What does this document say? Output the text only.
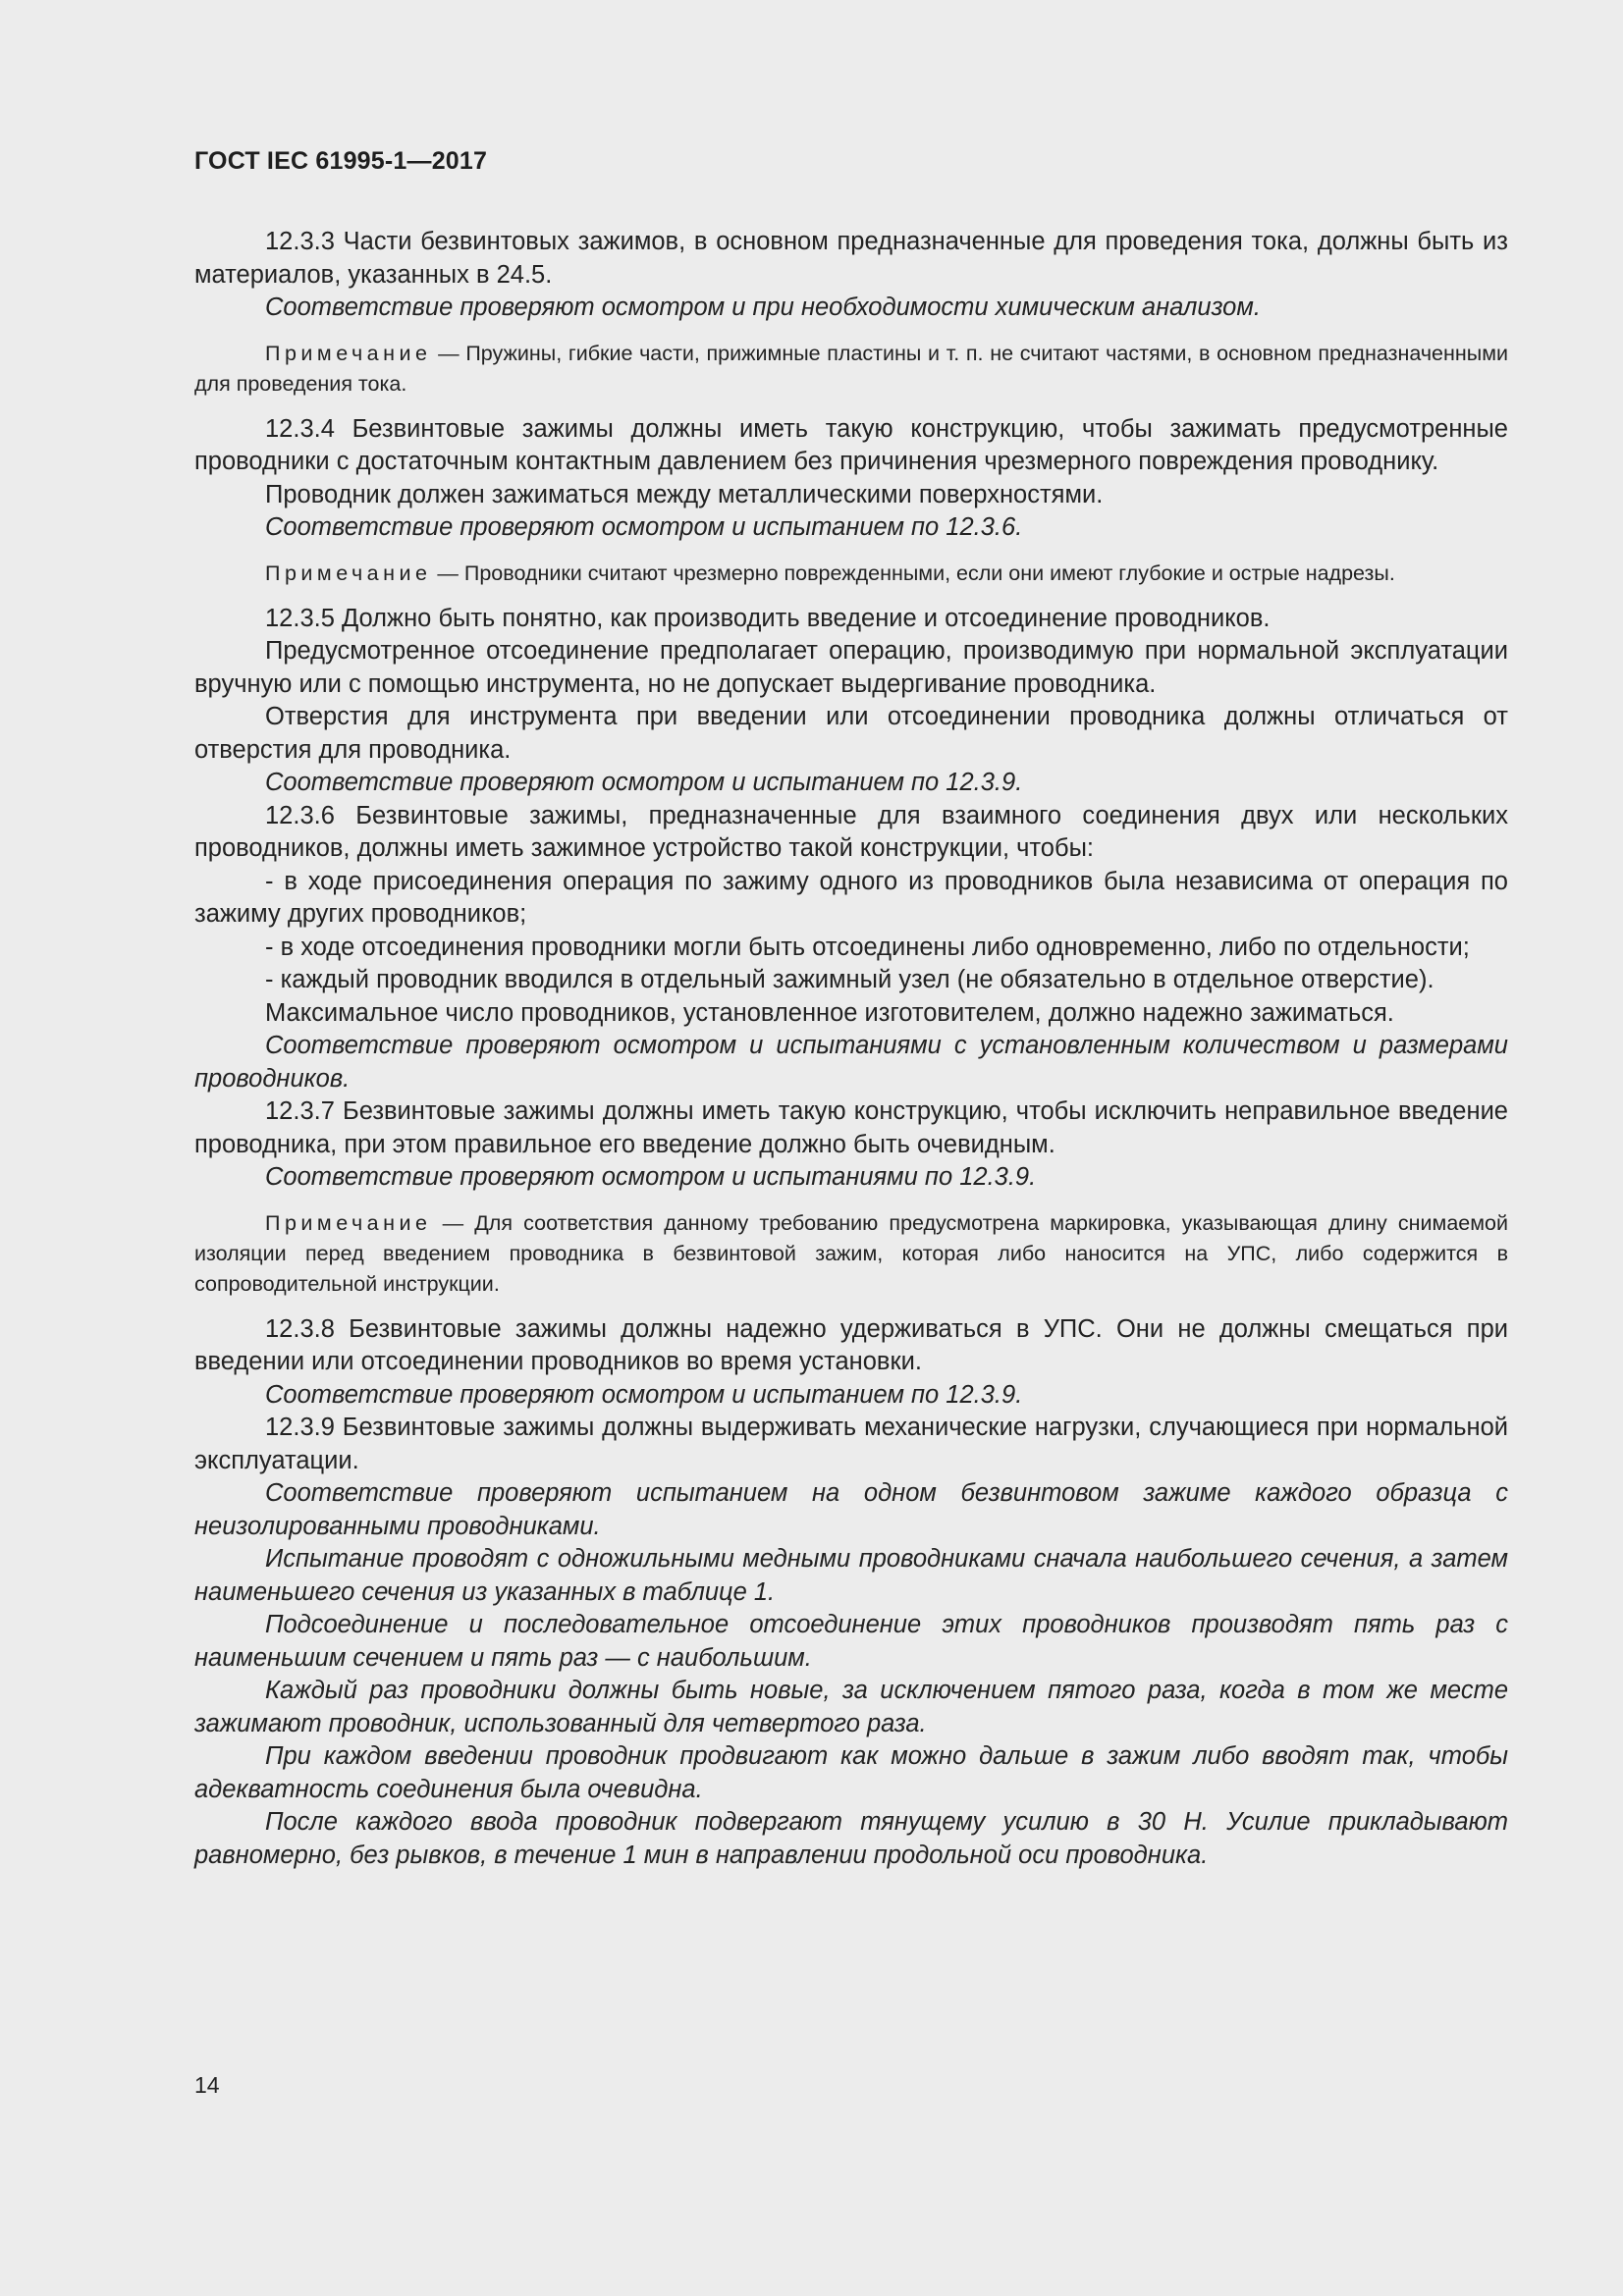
ГОСТ IEC 61995-1—2017

12.3.3 Части безвинтовых зажимов, в основном предназначенные для проведения тока, должны быть из материалов, указанных в 24.5.

Соответствие проверяют осмотром и при необходимости химическим анализом.

Примечание — Пружины, гибкие части, прижимные пластины и т. п. не считают частями, в основном предназначенными для проведения тока.

12.3.4 Безвинтовые зажимы должны иметь такую конструкцию, чтобы зажимать предусмотренные проводники с достаточным контактным давлением без причинения чрезмерного повреждения проводнику.

Проводник должен зажиматься между металлическими поверхностями.

Соответствие проверяют осмотром и испытанием по 12.3.6.

Примечание — Проводники считают чрезмерно поврежденными, если они имеют глубокие и острые надрезы.

12.3.5 Должно быть понятно, как производить введение и отсоединение проводников.

Предусмотренное отсоединение предполагает операцию, производимую при нормальной эксплуатации вручную или с помощью инструмента, но не допускает выдергивание проводника.

Отверстия для инструмента при введении или отсоединении проводника должны отличаться от отверстия для проводника.

Соответствие проверяют осмотром и испытанием по 12.3.9.

12.3.6 Безвинтовые зажимы, предназначенные для взаимного соединения двух или нескольких проводников, должны иметь зажимное устройство такой конструкции, чтобы:

- в ходе присоединения операция по зажиму одного из проводников была независима от операция по зажиму других проводников;

- в ходе отсоединения проводники могли быть отсоединены либо одновременно, либо по отдельности;

- каждый проводник вводился в отдельный зажимный узел (не обязательно в отдельное отверстие).

Максимальное число проводников, установленное изготовителем, должно надежно зажиматься.

Соответствие проверяют осмотром и испытаниями с установленным количеством и размерами проводников.

12.3.7 Безвинтовые зажимы должны иметь такую конструкцию, чтобы исключить неправильное введение проводника, при этом правильное его введение должно быть очевидным.

Соответствие проверяют осмотром и испытаниями по 12.3.9.

Примечание — Для соответствия данному требованию предусмотрена маркировка, указывающая длину снимаемой изоляции перед введением проводника в безвинтовой зажим, которая либо наносится на УПС, либо содержится в сопроводительной инструкции.

12.3.8 Безвинтовые зажимы должны надежно удерживаться в УПС. Они не должны смещаться при введении или отсоединении проводников во время установки.

Соответствие проверяют осмотром и испытанием по 12.3.9.

12.3.9 Безвинтовые зажимы должны выдерживать механические нагрузки, случающиеся при нормальной эксплуатации.

Соответствие проверяют испытанием на одном безвинтовом зажиме каждого образца с неизолированными проводниками.

Испытание проводят с одножильными медными проводниками сначала наибольшего сечения, а затем наименьшего сечения из указанных в таблице 1.

Подсоединение и последовательное отсоединение этих проводников производят пять раз с наименьшим сечением и пять раз — с наибольшим.

Каждый раз проводники должны быть новые, за исключением пятого раза, когда в том же месте зажимают проводник, использованный для четвертого раза.

При каждом введении проводник продвигают как можно дальше в зажим либо вводят так, чтобы адекватность соединения была очевидна.

После каждого ввода проводник подвергают тянущему усилию в 30 Н. Усилие прикладывают равномерно, без рывков, в течение 1 мин в направлении продольной оси проводника.

14
